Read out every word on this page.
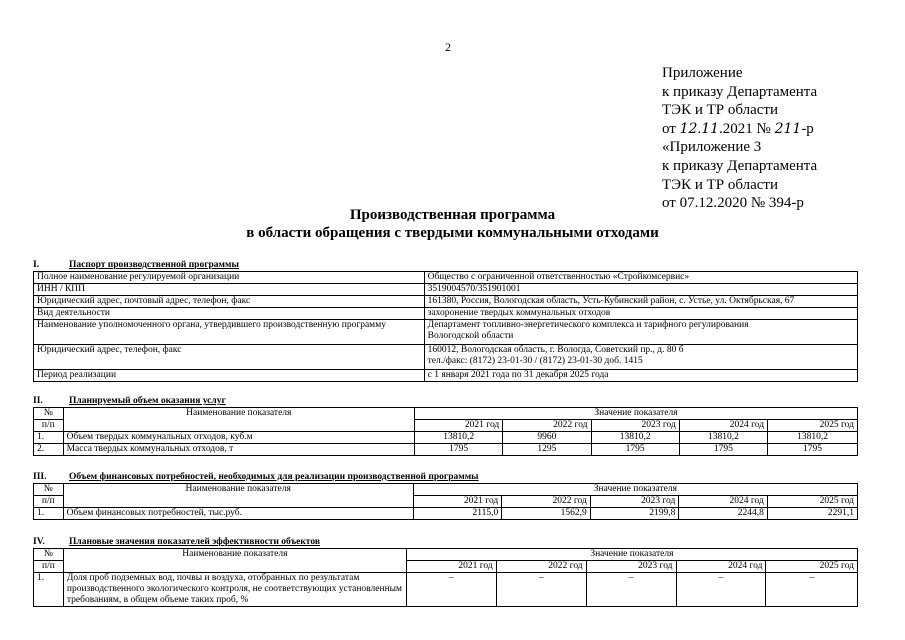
2
Приложение
к приказу Департамента
ТЭК и ТР области
от 12.11.2021 № 211-р
«Приложение 3
к приказу Департамента
ТЭК и ТР области
от 07.12.2020 № 394-р
Производственная программа
в области обращения с твердыми коммунальными отходами
I.	Паспорт производственной программы
Полное наименование регулируемой организации	Общество с ограниченной ответственностью «Стройкомсервис»
ИНН / КПП	3519004570/351901001
Юридический адрес, почтовый адрес, телефон, факс	161380, Россия, Вологодская область, Усть-Кубинский район, с. Устье, ул. Октябрьская, 67
Вид деятельности	захоронение твердых коммунальных отходов
Наименование уполномоченного органа, утвердившего производственную программу	Департамент топливно-энергетического комплекса и тарифного регулирования
Вологодской области

Юридический адрес, телефон, факс	160012, Вологодская область, г. Вологда, Советский пр., д. 80 б
тел./факс: (8172) 23-01-30 / (8172) 23-01-30 доб. 1415

Период реализации	с 1 января 2021 года по 31 декабря 2025 года
II.	Планируемый объем оказания услуг
№	Наименование показателя	Значение показателя				
п/п		2021 год	2022 год	2023 год	2024 год	2025 год
1.	Объем твердых коммунальных отходов, куб.м	13810,2	9960	13810,2	13810,2	13810,2
2.	Масса твердых коммунальных отходов, т	1795	1295	1795	1795	1795
III. Объем финансовых потребностей, необходимых для реализации производственной программы
№	Наименование показателя	Значение показателя				
п/п		2021 год	2022 год	2023 год	2024 год	2025 год
1.	Объем финансовых потребностей, тыс.руб.	2115,0	1562,9	2199,8	2244,8	2291,1
IV.	Плановые значения показателей эффективности объектов
№	Наименование показателя	Значение показателя				
п/п		2021 год	2022 год	2023 год	2024 год	2025 год
1.	Доля проб подземных вод, почвы и воздуха, отобранных по результатам производственного экологического контроля, не соответствующих установленным требованиям, в общем объеме таких проб, %	–	–	–	–	–
